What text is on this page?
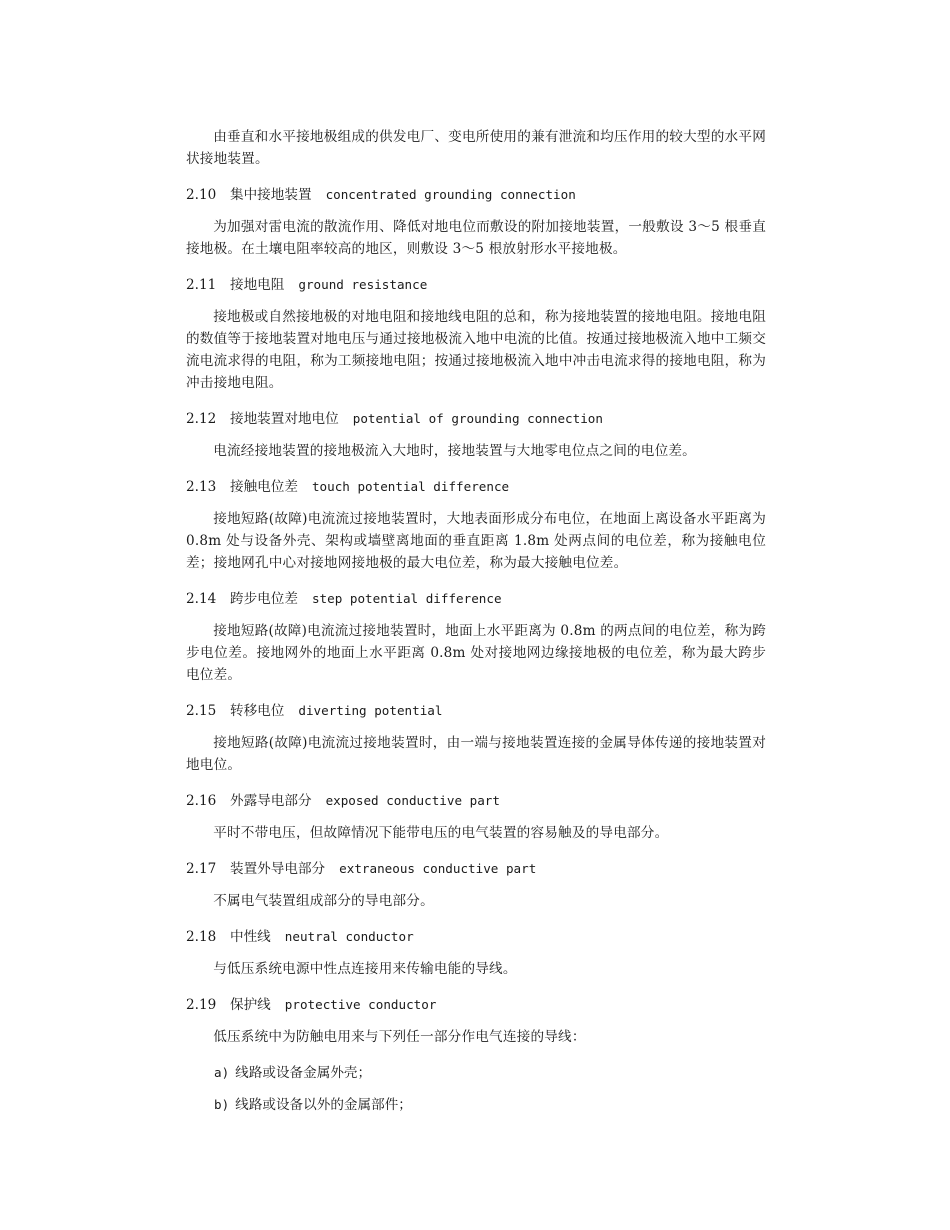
由垂直和水平接地极组成的供发电厂、变电所使用的兼有泄流和均压作用的较大型的水平网状接地装置。

2.10 集中接地装置 concentrated grounding connection

为加强对雷电流的散流作用、降低对地电位而敷设的附加接地装置，一般敷设 3～5 根垂直接地极。在土壤电阻率较高的地区，则敷设 3～5 根放射形水平接地极。

2.11 接地电阻 ground resistance

接地极或自然接地极的对地电阻和接地线电阻的总和，称为接地装置的接地电阻。接地电阻的数值等于接地装置对地电压与通过接地极流入地中电流的比值。按通过接地极流入地中工频交流电流求得的电阻，称为工频接地电阻；按通过接地极流入地中冲击电流求得的接地电阻，称为冲击接地电阻。

2.12 接地装置对地电位 potential of grounding connection

电流经接地装置的接地极流入大地时，接地装置与大地零电位点之间的电位差。

2.13 接触电位差 touch potential difference

接地短路(故障)电流流过接地装置时，大地表面形成分布电位，在地面上离设备水平距离为 0.8m 处与设备外壳、架构或墙壁离地面的垂直距离 1.8m 处两点间的电位差，称为接触电位差；接地网孔中心对接地网接地极的最大电位差，称为最大接触电位差。

2.14 跨步电位差 step potential difference

接地短路(故障)电流流过接地装置时，地面上水平距离为 0.8m 的两点间的电位差，称为跨步电位差。接地网外的地面上水平距离 0.8m 处对接地网边缘接地极的电位差，称为最大跨步电位差。

2.15 转移电位 diverting potential

接地短路(故障)电流流过接地装置时，由一端与接地装置连接的金属导体传递的接地装置对地电位。

2.16 外露导电部分 exposed conductive part

平时不带电压，但故障情况下能带电压的电气装置的容易触及的导电部分。

2.17 装置外导电部分 extraneous conductive part

不属电气装置组成部分的导电部分。

2.18 中性线 neutral conductor

与低压系统电源中性点连接用来传输电能的导线。

2.19 保护线 protective conductor

低压系统中为防触电用来与下列任一部分作电气连接的导线：

a) 线路或设备金属外壳；
b) 线路或设备以外的金属部件；
